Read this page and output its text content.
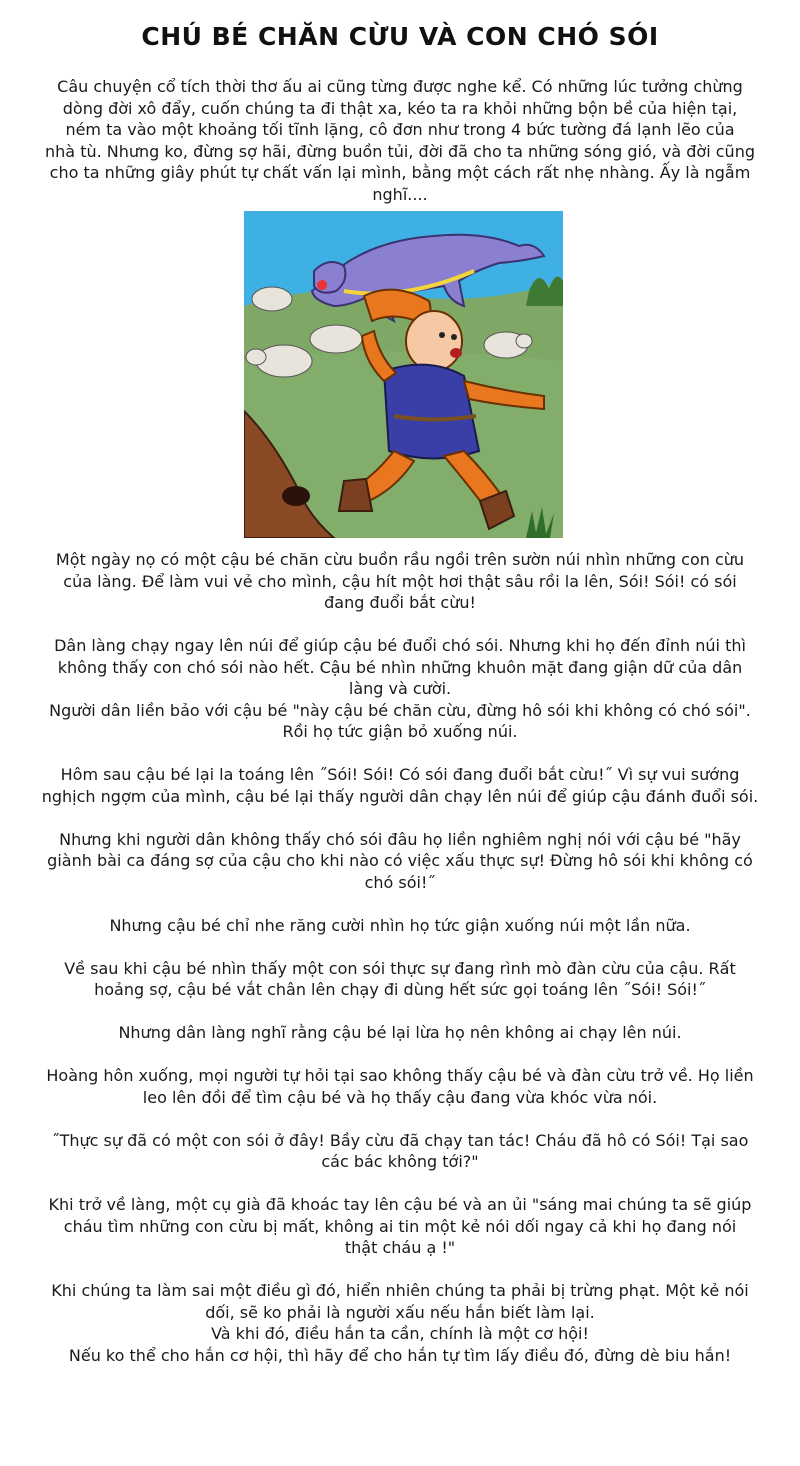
CHÚ BÉ CHĂN CỪU VÀ CON CHÓ SÓI
Câu chuyện cổ tích thời thơ ấu ai cũng từng được nghe kể. Có những lúc tưởng chừng
dòng đời xô đẩy, cuốn chúng ta đi thật xa, kéo ta ra khỏi những bộn bề của hiện tại,
ném ta vào một khoảng tối tĩnh lặng, cô đơn như trong 4 bức tường đá lạnh lẽo của
nhà tù. Nhưng ko, đừng sợ hãi, đừng buồn tủi, đời đã cho ta những sóng gió, và đời cũng
cho ta những giây phút tự chất vấn lại mình, bằng một cách rất nhẹ nhàng. Ấy là ngẫm
nghĩ....
Một ngày nọ có một cậu bé chăn cừu buồn rầu ngồi trên sườn núi nhìn những con cừu
của làng. Để làm vui vẻ cho mình, cậu hít một hơi thật sâu rồi la lên, Sói! Sói! có sói
đang đuổi bắt cừu!
Dân làng chạy ngay lên núi để giúp cậu bé đuổi chó sói. Nhưng khi họ đến đỉnh núi thì
không thấy con chó sói nào hết. Cậu bé nhìn những khuôn mặt đang giận dữ của dân
làng và cười.
Người dân liền bảo với cậu bé "này cậu bé chăn cừu, đừng hô sói khi không có chó sói".
Rồi họ tức giận bỏ xuống núi.
Hôm sau cậu bé lại la toáng lên ˝Sói! Sói! Có sói đang đuổi bắt cừu!˝ Vì sự vui sướng
nghịch ngợm của mình, cậu bé lại thấy người dân chạy lên núi để giúp cậu đánh đuổi sói.
Nhưng khi người dân không thấy chó sói đâu họ liền nghiêm nghị nói với cậu bé "hãy
giành bài ca đáng sợ của cậu cho khi nào có việc xấu thực sự! Đừng hô sói khi không có
chó sói!˝
Nhưng cậu bé chỉ nhe răng cười nhìn họ tức giận xuống núi một lần nữa.
Về sau khi cậu bé nhìn thấy một con sói thực sự đang rình mò đàn cừu của cậu. Rất
hoảng sợ, cậu bé vắt chân lên chạy đi dùng hết sức gọi toáng lên ˝Sói! Sói!˝
Nhưng dân làng nghĩ rằng cậu bé lại lừa họ nên không ai chạy lên núi.
Hoàng hôn xuống, mọi người tự hỏi tại sao không thấy cậu bé và đàn cừu trở về. Họ liền
leo lên đồi để tìm cậu bé và họ thấy cậu đang vừa khóc vừa nói.
˝Thực sự đã có một con sói ở đây! Bầy cừu đã chạy tan tác! Cháu đã hô có Sói! Tại sao
các bác không tới?"
Khi trở về làng, một cụ già đã khoác tay lên cậu bé và an ủi "sáng mai chúng ta sẽ giúp
cháu tìm những con cừu bị mất, không ai tin một kẻ nói dối ngay cả khi họ đang nói
thật cháu ạ !"
Khi chúng ta làm sai một điều gì đó, hiển nhiên chúng ta phải bị trừng phạt. Một kẻ nói
dối, sẽ ko phải là người xấu nếu hắn biết làm lại.
Và khi đó, điều hắn ta cần, chính là một cơ hội!
Nếu ko thể cho hắn cơ hội, thì hãy để cho hắn tự tìm lấy điều đó, đừng dè biu hắn!
